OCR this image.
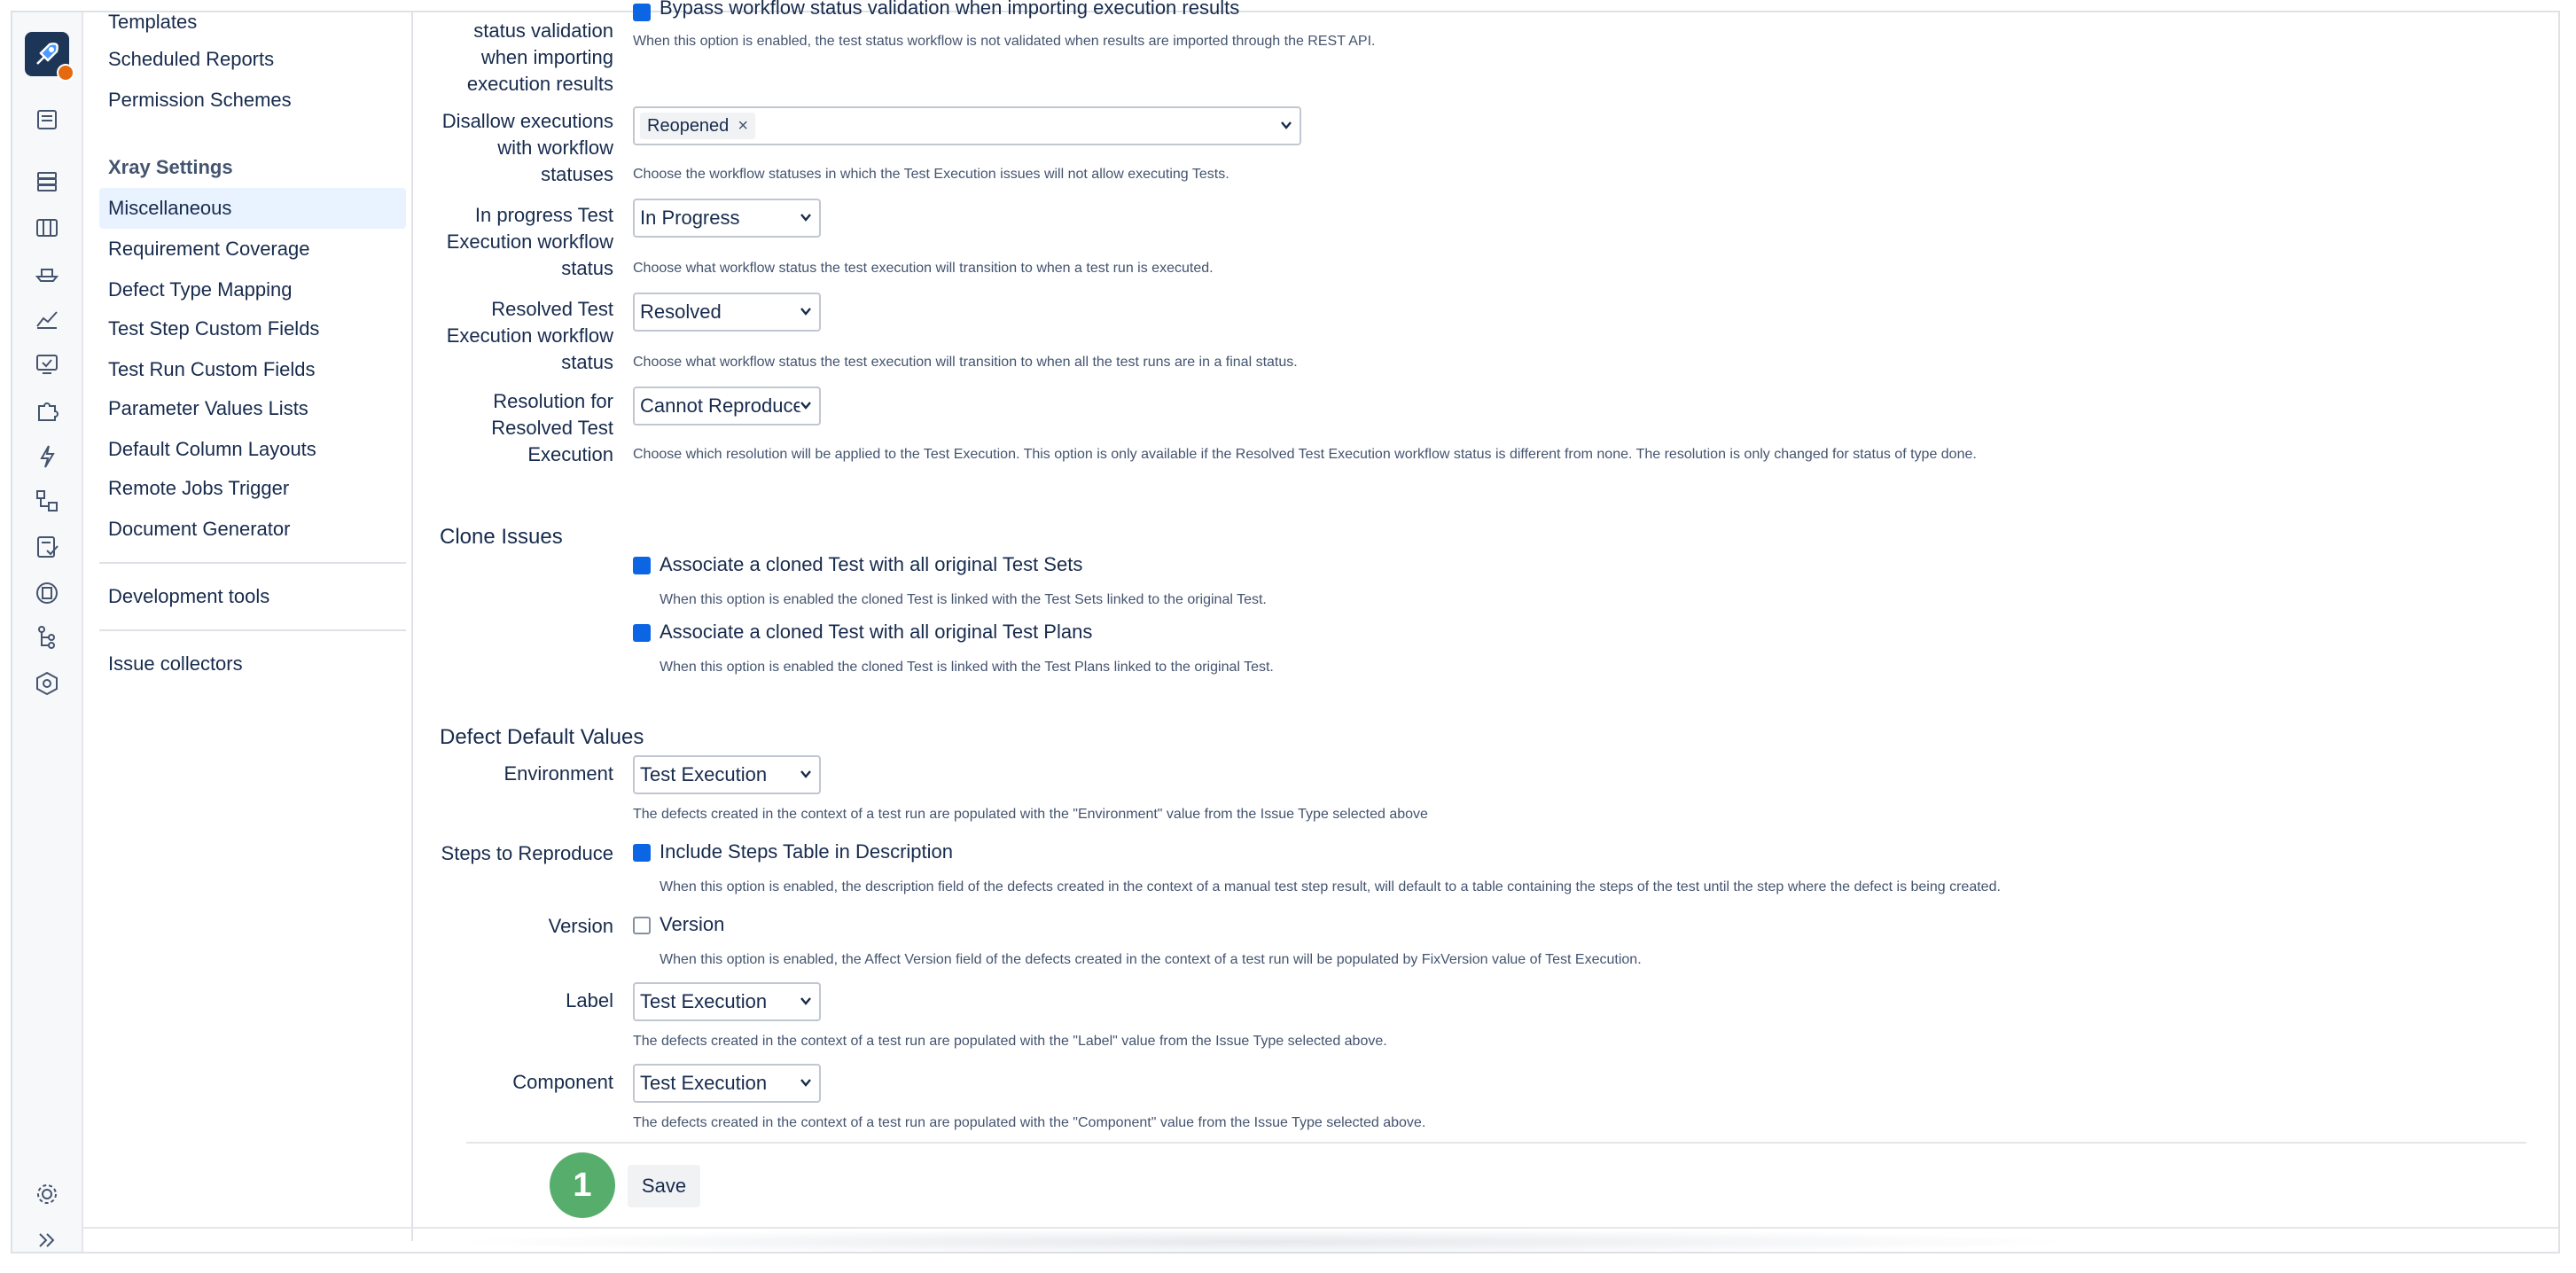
Templates
Scheduled Reports
Permission Schemes
Xray Settings
Miscellaneous
Requirement Coverage
Defect Type Mapping
Test Step Custom Fields
Test Run Custom Fields
Parameter Values Lists
Default Column Layouts
Remote Jobs Trigger
Document Generator
Development tools
Issue collectors
Bypass workflow status validation when importing execution results
status validation when importing execution results
When this option is enabled, the test status workflow is not validated when results are imported through the REST API.
Disallow executions with workflow statuses
Reopened ×
Choose the workflow statuses in which the Test Execution issues will not allow executing Tests.
In progress Test Execution workflow status
In Progress
Choose what workflow status the test execution will transition to when a test run is executed.
Resolved Test Execution workflow status
Resolved
Choose what workflow status the test execution will transition to when all the test runs are in a final status.
Resolution for Resolved Test Execution
Cannot Reproduce
Choose which resolution will be applied to the Test Execution. This option is only available if the Resolved Test Execution workflow status is different from none. The resolution is only changed for status of type done.
Clone Issues
Associate a cloned Test with all original Test Sets
When this option is enabled the cloned Test is linked with the Test Sets linked to the original Test.
Associate a cloned Test with all original Test Plans
When this option is enabled the cloned Test is linked with the Test Plans linked to the original Test.
Defect Default Values
Environment Test Execution
The defects created in the context of a test run are populated with the "Environment" value from the Issue Type selected above
Steps to Reproduce Include Steps Table in Description
When this option is enabled, the description field of the defects created in the context of a manual test step result, will default to a table containing the steps of the test until the step where the defect is being created.
Version Version
When this option is enabled, the Affect Version field of the defects created in the context of a test run will be populated by FixVersion value of Test Execution.
Label Test Execution
The defects created in the context of a test run are populated with the "Label" value from the Issue Type selected above.
Component Test Execution
The defects created in the context of a test run are populated with the "Component" value from the Issue Type selected above.
1	Save
